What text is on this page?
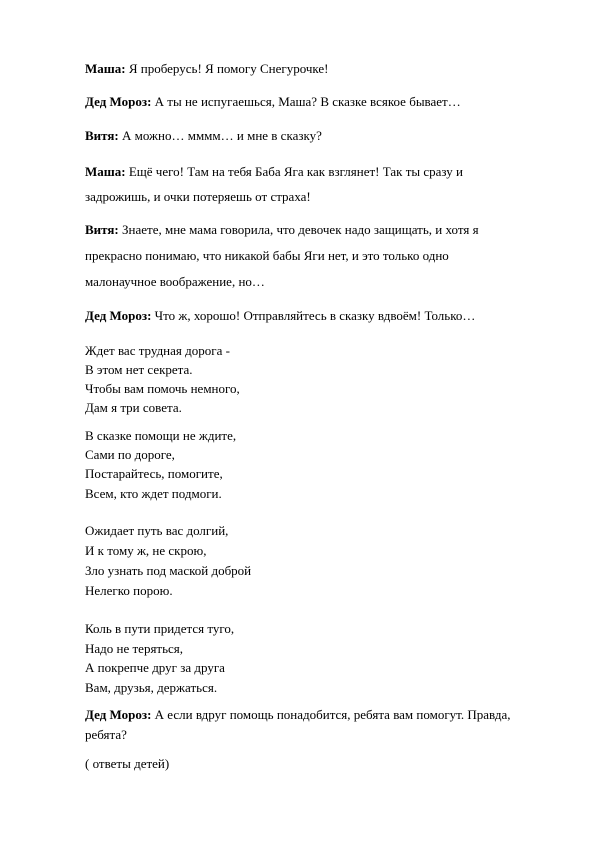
Маша: Я проберусь! Я помогу Снегурочке!
Дед Мороз: А ты не испугаешься, Маша? В сказке всякое бывает…
Витя: А можно… мммм… и мне в сказку?
Маша: Ещё чего! Там на тебя Баба Яга как взглянет! Так ты сразу и
задрожишь, и очки потеряешь от страха!
Витя: Знаете, мне мама говорила, что девочек надо защищать, и хотя я
прекрасно понимаю, что никакой бабы Яги нет, и это только одно
малонаучное воображение, но…
Дед Мороз: Что ж, хорошо! Отправляйтесь в сказку вдвоём! Только…
Ждет вас трудная дорога -
В этом нет секрета.
Чтобы вам помочь немного,
Дам я три совета.
В сказке помощи не ждите,
Сами по дороге,
Постарайтесь, помогите,
Всем, кто ждет подмоги.
Ожидает путь вас долгий,
И к тому ж, не скрою,
Зло узнать под маской доброй
Нелегко порою.
Коль в пути придется туго,
Надо не теряться,
А покрепче друг за друга
Вам, друзья, держаться.
Дед Мороз: А если вдруг помощь понадобится, ребята вам помогут. Правда,
ребята?
( ответы детей)
